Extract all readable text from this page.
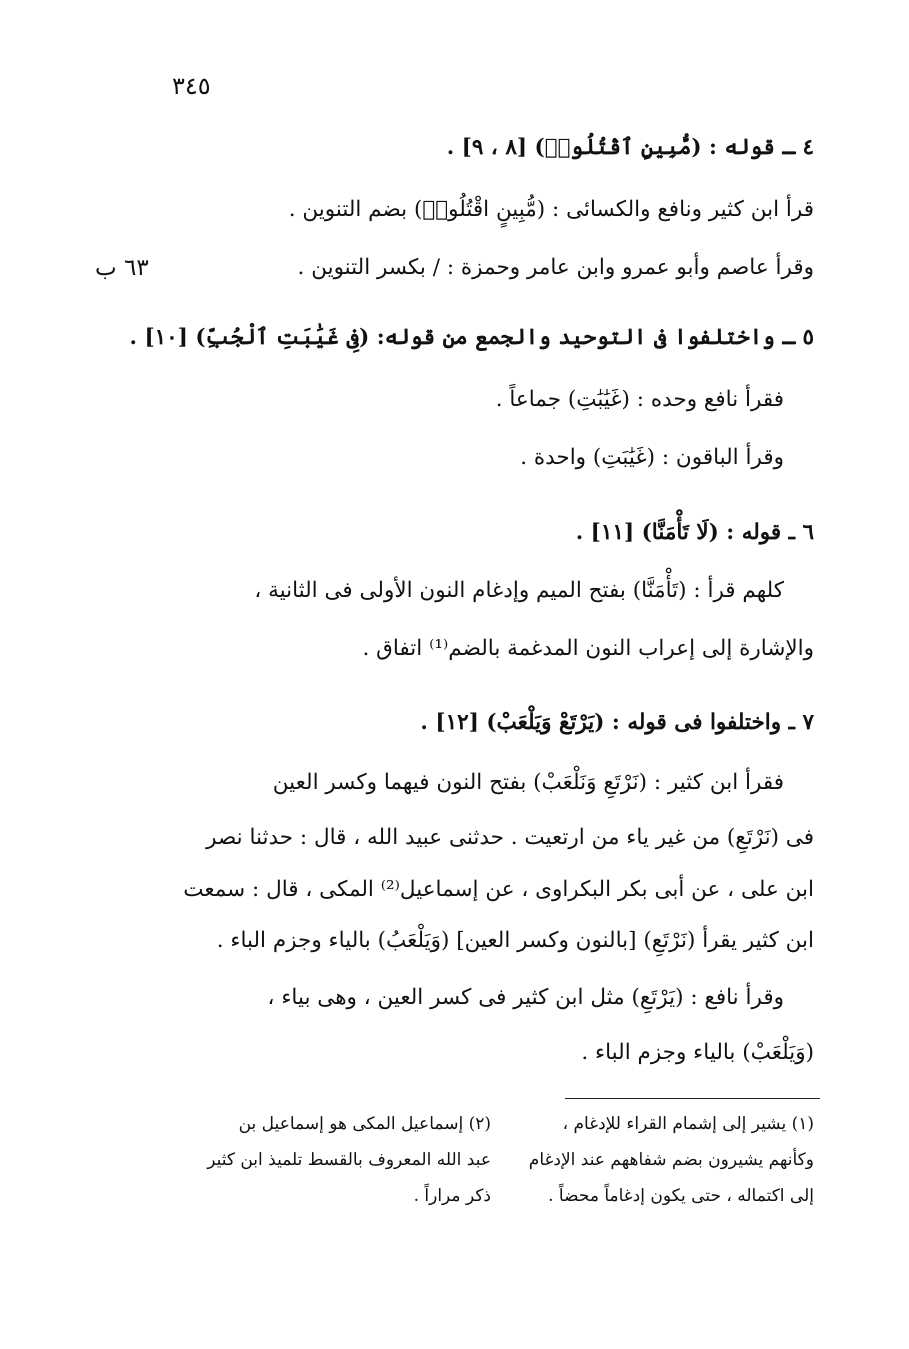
٣٤٥
٦٣ ب
٤ ـ قوله : (مُّبِينٍ ٱقْتُلُوا۟) [٨ ، ٩] .
قرأ ابن كثير ونافع والكسائى : (مُّبِينٍ اقْتُلُوا۟) بضم التنوين .
وقرأ عاصم وأبو عمرو وابن عامر وحمزة : / بكسر التنوين .
٥ ـ واختلفوا فى التوحيد والجمع من قوله: (فِى غَيَٰبَتِ ٱلْجُبِّ) [١٠] .
فقرأ نافع وحده : (غَيَٰبَٰتِ) جماعاً .
وقرأ الباقون : (غَيَٰبَتِ) واحدة .
٦ ـ قوله : (لَا تَأْمَنَّا) [١١] .
كلهم قرأ : (تَأْمَنَّا) بفتح الميم وإدغام النون الأولى فى الثانية ،
والإشارة إلى إعراب النون المدغمة بالضم⁽¹⁾ اتفاق .
٧ ـ واختلفوا فى قوله : (يَرْتَعْ وَيَلْعَبْ) [١٢] .
فقرأ ابن كثير : (نَرْتَعِ وَنَلْعَبْ) بفتح النون فيهما وكسر العين
فى (نَرْتَعِ) من غير ياء من ارتعيت . حدثنى عبيد الله ، قال : حدثنا نصر
ابن على ، عن أبى بكر البكراوى ، عن إسماعيل⁽²⁾ المكى ، قال : سمعت
ابن كثير يقرأ (نَرْتَعِ) [بالنون وكسر العين] (وَيَلْعَبُ) بالياء وجزم الباء .
وقرأ نافع : (يَرْتَعِ) مثل ابن كثير فى كسر العين ، وهى بياء ،
(وَيَلْعَبْ) بالياء وجزم الباء .
(١) يشير إلى إشمام القراء للإدغام ،
وكأنهم يشيرون بضم شفاههم عند الإدغام
إلى اكتماله ، حتى يكون إدغاماً محضاً .
(٢) إسماعيل المكى هو إسماعيل بن
عبد الله المعروف بالقسط تلميذ ابن كثير
ذكر مراراً .
